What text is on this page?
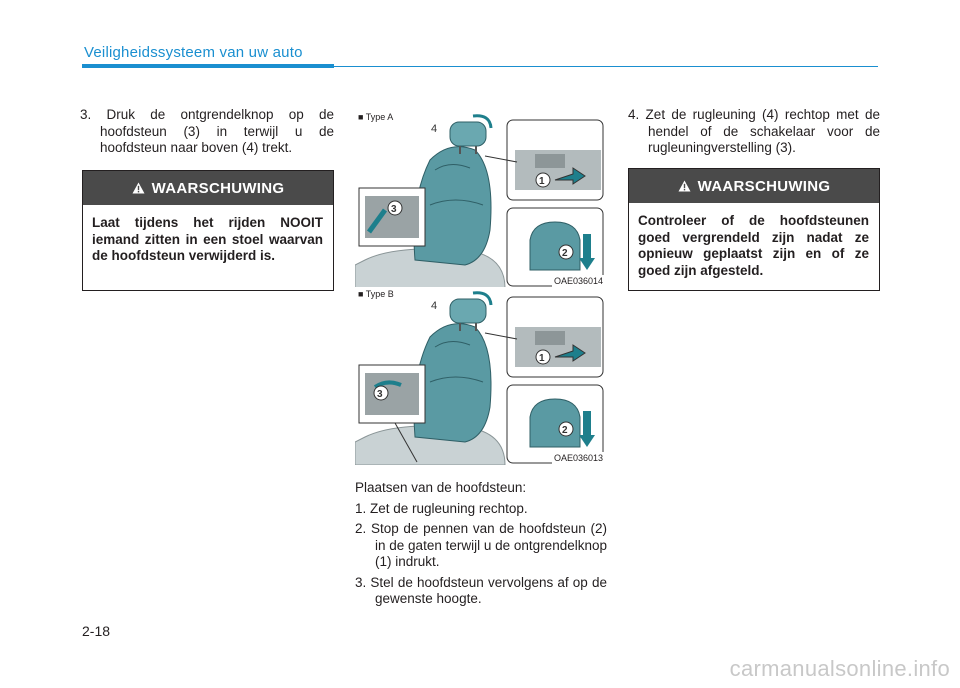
Veiligheidssysteem van uw auto

3. Druk de ontgrendelknop op de hoofdsteun (3) in terwijl u de hoofdsteun naar boven (4) trekt.

WAARSCHUWING
Laat tijdens het rijden NOOIT iemand zitten in een stoel waarvan de hoofdsteun verwijderd is.
4
3
1
2
■ Type A
OAE036014
4
3
1
2
■ Type B
OAE036013

Plaatsen van de hoofdsteun:

1. Zet de rugleuning rechtop.

2. Stop de pennen van de hoofdsteun (2) in de gaten terwijl u de ontgrendelknop (1) indrukt.

3. Stel de hoofdsteun vervolgens af op de gewenste hoogte.

4. Zet de rugleuning (4) rechtop met de hendel of de schakelaar voor de rugleuningverstelling (3).

WAARSCHUWING
Controleer of de hoofdsteunen goed vergrendeld zijn nadat ze opnieuw geplaatst zijn en of ze goed zijn afgesteld.
2-18
carmanualsonline.info
